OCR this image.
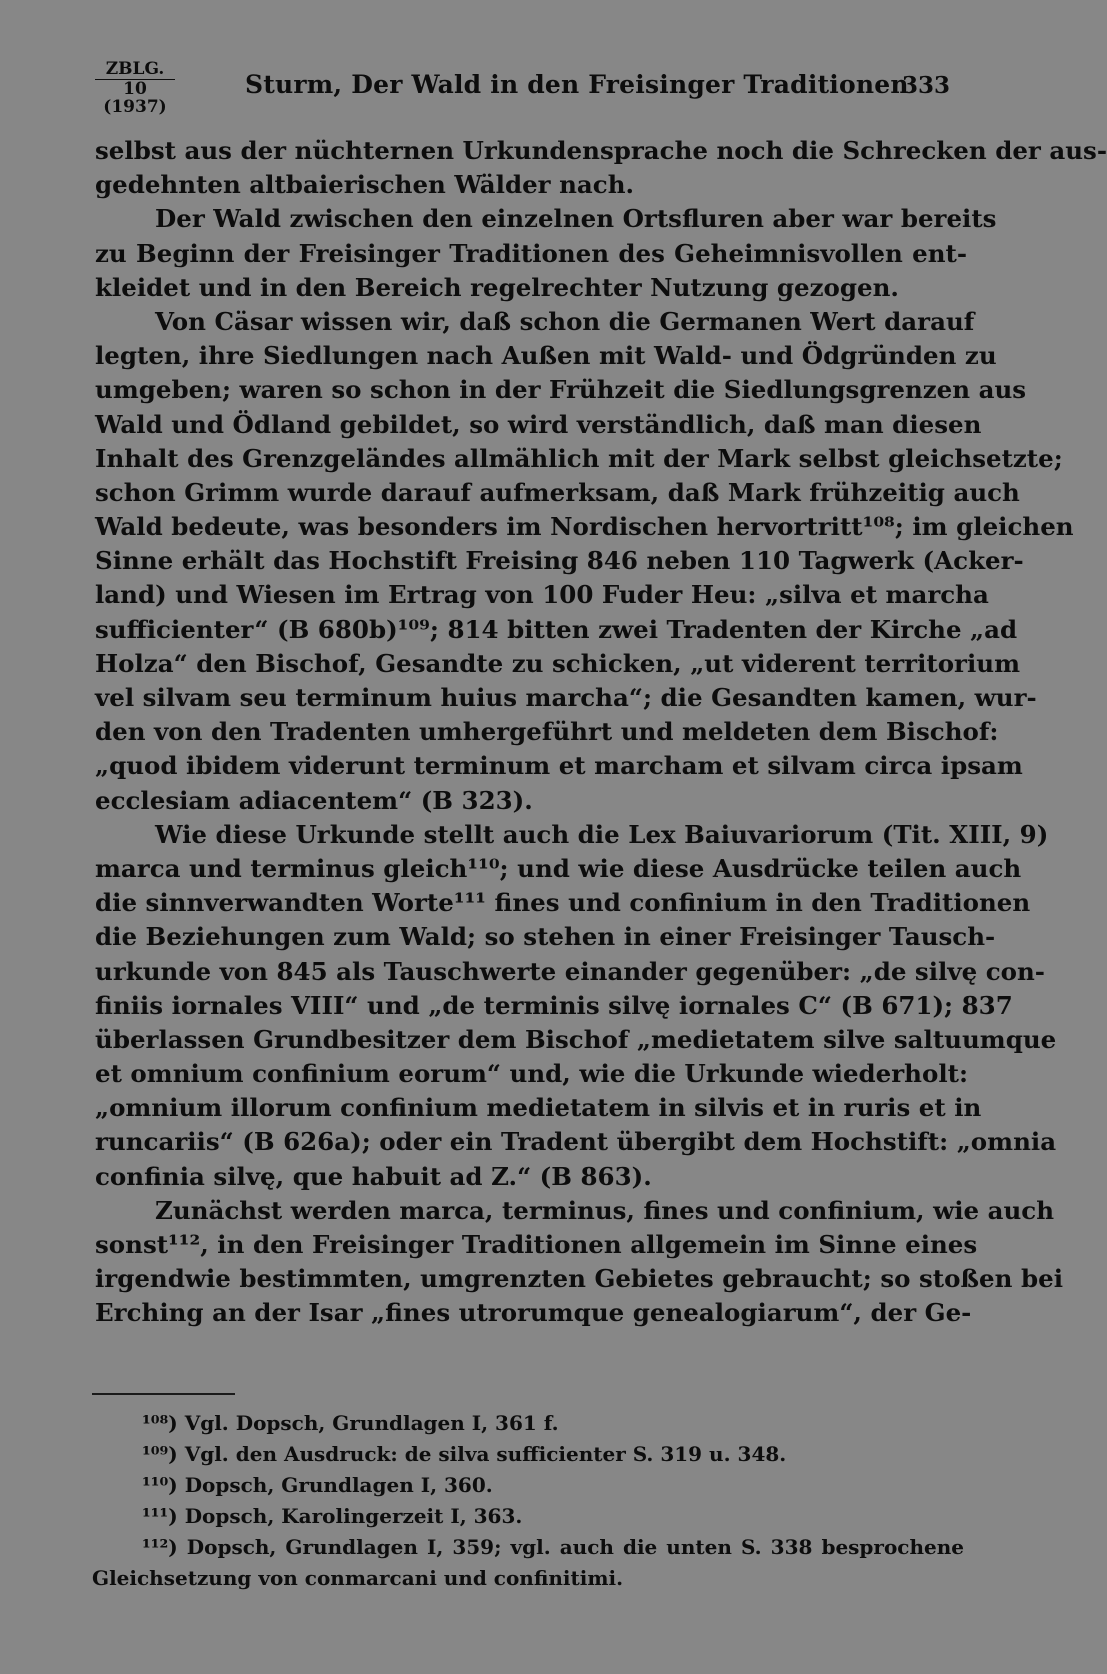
ZBLG.
10 (1937)
Sturm, Der Wald in den Freisinger Traditionen
333
selbst aus der nüchternen Urkundensprache noch die Schrecken der aus-
gedehnten altbaierischen Wälder nach.
Der Wald zwischen den einzelnen Ortsfluren aber war bereits
zu Beginn der Freisinger Traditionen des Geheimnisvollen ent-
kleidet und in den Bereich regelrechter Nutzung gezogen.
Von Cäsar wissen wir, daß schon die Germanen Wert darauf
legten, ihre Siedlungen nach Außen mit Wald- und Ödgründen zu
umgeben; waren so schon in der Frühzeit die Siedlungsgrenzen aus
Wald und Ödland gebildet, so wird verständlich, daß man diesen
Inhalt des Grenzgeländes allmählich mit der Mark selbst gleichsetzte;
schon Grimm wurde darauf aufmerksam, daß Mark frühzeitig auch
Wald bedeute, was besonders im Nordischen hervortritt¹⁰⁸; im gleichen
Sinne erhält das Hochstift Freising 846 neben 110 Tagwerk (Acker-
land) und Wiesen im Ertrag von 100 Fuder Heu: „silva et marcha
sufficienter“ (B 680b)¹⁰⁹; 814 bitten zwei Tradenten der Kirche „ad
Holza“ den Bischof, Gesandte zu schicken, „ut viderent territorium
vel silvam seu terminum huius marcha“; die Gesandten kamen, wur-
den von den Tradenten umhergeführt und meldeten dem Bischof:
„quod ibidem viderunt terminum et marcham et silvam circa ipsam
ecclesiam adiacentem“ (B 323).
Wie diese Urkunde stellt auch die Lex Baiuvariorum (Tit. XIII, 9)
marca und terminus gleich¹¹⁰; und wie diese Ausdrücke teilen auch
die sinnverwandten Worte¹¹¹ fines und confinium in den Traditionen
die Beziehungen zum Wald; so stehen in einer Freisinger Tausch-
urkunde von 845 als Tauschwerte einander gegenüber: „de silvę con-
finiis iornales VIII“ und „de terminis silvę iornales C“ (B 671); 837
überlassen Grundbesitzer dem Bischof „medietatem silve saltuumque
et omnium confinium eorum“ und, wie die Urkunde wiederholt:
„omnium illorum confinium medietatem in silvis et in ruris et in
runcariis“ (B 626a); oder ein Tradent übergibt dem Hochstift: „omnia
confinia silvę, que habuit ad Z.“ (B 863).
Zunächst werden marca, terminus, fines und confinium, wie auch
sonst¹¹², in den Freisinger Traditionen allgemein im Sinne eines
irgendwie bestimmten, umgrenzten Gebietes gebraucht; so stoßen bei
Erching an der Isar „fines utrorumque genealogiarum“, der Ge-
¹⁰⁸) Vgl. Dopsch, Grundlagen I, 361 f.
¹⁰⁹) Vgl. den Ausdruck: de silva sufficienter S. 319 u. 348.
¹¹⁰) Dopsch, Grundlagen I, 360.
¹¹¹) Dopsch, Karolingerzeit I, 363.
¹¹²) Dopsch, Grundlagen I, 359; vgl. auch die unten S. 338 besprochene
Gleichsetzung von conmarcani und confinitimi.
